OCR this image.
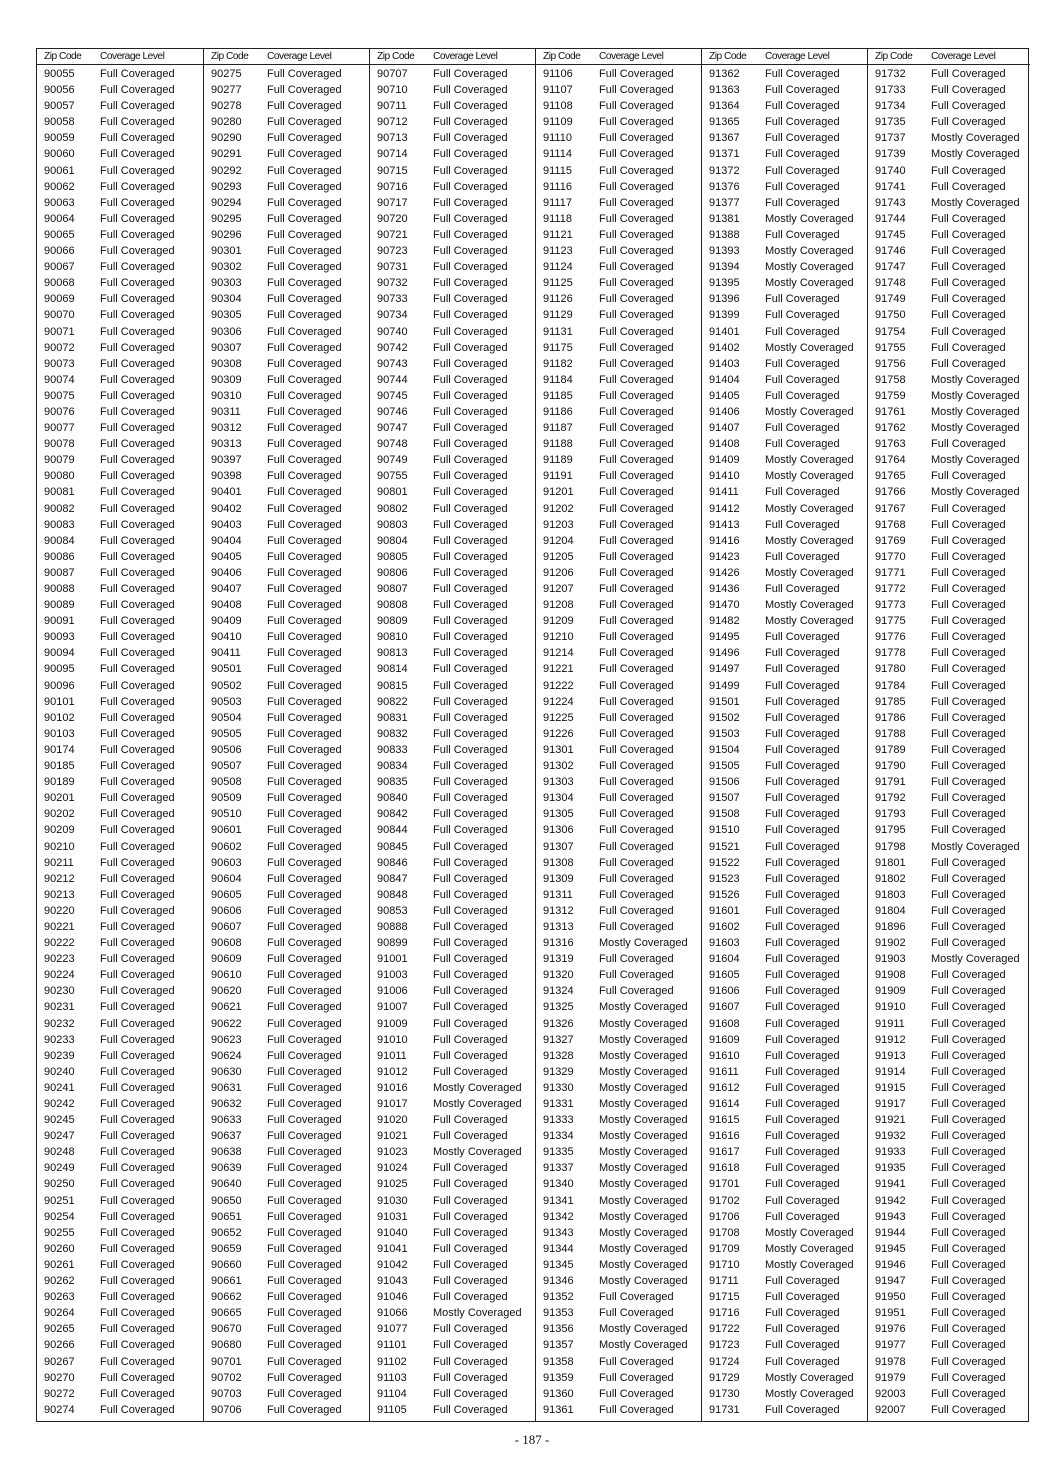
Zip Code Coverage Level
90055 Full Coveraged
90056 Full Coveraged
90057 Full Coveraged
90058 Full Coveraged
90059 Full Coveraged
90060 Full Coveraged
90061 Full Coveraged
90062 Full Coveraged
90063 Full Coveraged
90064 Full Coveraged
90065 Full Coveraged
90066 Full Coveraged
90067 Full Coveraged
90068 Full Coveraged
90069 Full Coveraged
90070 Full Coveraged
90071 Full Coveraged
90072 Full Coveraged
90073 Full Coveraged
90074 Full Coveraged
90075 Full Coveraged
90076 Full Coveraged
90077 Full Coveraged
90078 Full Coveraged
90079 Full Coveraged
90080 Full Coveraged
90081 Full Coveraged
90082 Full Coveraged
90083 Full Coveraged
90084 Full Coveraged
90086 Full Coveraged
90087 Full Coveraged
90088 Full Coveraged
90089 Full Coveraged
90091 Full Coveraged
90093 Full Coveraged
90094 Full Coveraged
90095 Full Coveraged
90096 Full Coveraged
90101 Full Coveraged
90102 Full Coveraged
90103 Full Coveraged
90174 Full Coveraged
90185 Full Coveraged
90189 Full Coveraged
90201 Full Coveraged
90202 Full Coveraged
90209 Full Coveraged
90210 Full Coveraged
90211 Full Coveraged
90212 Full Coveraged
90213 Full Coveraged
90220 Full Coveraged
90221 Full Coveraged
90222 Full Coveraged
90223 Full Coveraged
90224 Full Coveraged
90230 Full Coveraged
90231 Full Coveraged
90232 Full Coveraged
90233 Full Coveraged
90239 Full Coveraged
90240 Full Coveraged
90241 Full Coveraged
90242 Full Coveraged
90245 Full Coveraged
90247 Full Coveraged
90248 Full Coveraged
90249 Full Coveraged
90250 Full Coveraged
90251 Full Coveraged
90254 Full Coveraged
90255 Full Coveraged
90260 Full Coveraged
90261 Full Coveraged
90262 Full Coveraged
90263 Full Coveraged
90264 Full Coveraged
90265 Full Coveraged
90266 Full Coveraged
90267 Full Coveraged
90270 Full Coveraged
90272 Full Coveraged
90274 Full Coveraged
Zip Code Coverage Level
90275 Full Coveraged
90277 Full Coveraged
90278 Full Coveraged
90280 Full Coveraged
90290 Full Coveraged
90291 Full Coveraged
90292 Full Coveraged
90293 Full Coveraged
90294 Full Coveraged
90295 Full Coveraged
90296 Full Coveraged
90301 Full Coveraged
90302 Full Coveraged
90303 Full Coveraged
90304 Full Coveraged
90305 Full Coveraged
90306 Full Coveraged
90307 Full Coveraged
90308 Full Coveraged
90309 Full Coveraged
90310 Full Coveraged
90311 Full Coveraged
90312 Full Coveraged
90313 Full Coveraged
90397 Full Coveraged
90398 Full Coveraged
90401 Full Coveraged
90402 Full Coveraged
90403 Full Coveraged
90404 Full Coveraged
90405 Full Coveraged
90406 Full Coveraged
90407 Full Coveraged
90408 Full Coveraged
90409 Full Coveraged
90410 Full Coveraged
90411 Full Coveraged
90501 Full Coveraged
90502 Full Coveraged
90503 Full Coveraged
90504 Full Coveraged
90505 Full Coveraged
90506 Full Coveraged
90507 Full Coveraged
90508 Full Coveraged
90509 Full Coveraged
90510 Full Coveraged
90601 Full Coveraged
90602 Full Coveraged
90603 Full Coveraged
90604 Full Coveraged
90605 Full Coveraged
90606 Full Coveraged
90607 Full Coveraged
90608 Full Coveraged
90609 Full Coveraged
90610 Full Coveraged
90620 Full Coveraged
90621 Full Coveraged
90622 Full Coveraged
90623 Full Coveraged
90624 Full Coveraged
90630 Full Coveraged
90631 Full Coveraged
90632 Full Coveraged
90633 Full Coveraged
90637 Full Coveraged
90638 Full Coveraged
90639 Full Coveraged
90640 Full Coveraged
90650 Full Coveraged
90651 Full Coveraged
90652 Full Coveraged
90659 Full Coveraged
90660 Full Coveraged
90661 Full Coveraged
90662 Full Coveraged
90665 Full Coveraged
90670 Full Coveraged
90680 Full Coveraged
90701 Full Coveraged
90702 Full Coveraged
90703 Full Coveraged
90706 Full Coveraged
Zip Code Coverage Level
90707 Full Coveraged
90710 Full Coveraged
90711 Full Coveraged
90712 Full Coveraged
90713 Full Coveraged
90714 Full Coveraged
90715 Full Coveraged
90716 Full Coveraged
90717 Full Coveraged
90720 Full Coveraged
90721 Full Coveraged
90723 Full Coveraged
90731 Full Coveraged
90732 Full Coveraged
90733 Full Coveraged
90734 Full Coveraged
90740 Full Coveraged
90742 Full Coveraged
90743 Full Coveraged
90744 Full Coveraged
90745 Full Coveraged
90746 Full Coveraged
90747 Full Coveraged
90748 Full Coveraged
90749 Full Coveraged
90755 Full Coveraged
90801 Full Coveraged
90802 Full Coveraged
90803 Full Coveraged
90804 Full Coveraged
90805 Full Coveraged
90806 Full Coveraged
90807 Full Coveraged
90808 Full Coveraged
90809 Full Coveraged
90810 Full Coveraged
90813 Full Coveraged
90814 Full Coveraged
90815 Full Coveraged
90822 Full Coveraged
90831 Full Coveraged
90832 Full Coveraged
90833 Full Coveraged
90834 Full Coveraged
90835 Full Coveraged
90840 Full Coveraged
90842 Full Coveraged
90844 Full Coveraged
90845 Full Coveraged
90846 Full Coveraged
90847 Full Coveraged
90848 Full Coveraged
90853 Full Coveraged
90888 Full Coveraged
90899 Full Coveraged
91001 Full Coveraged
91003 Full Coveraged
91006 Full Coveraged
91007 Full Coveraged
91009 Full Coveraged
91010 Full Coveraged
91011 Full Coveraged
91012 Full Coveraged
91016 Mostly Coveraged
91017 Mostly Coveraged
91020 Full Coveraged
91021 Full Coveraged
91023 Mostly Coveraged
91024 Full Coveraged
91025 Full Coveraged
91030 Full Coveraged
91031 Full Coveraged
91040 Full Coveraged
91041 Full Coveraged
91042 Full Coveraged
91043 Full Coveraged
91046 Full Coveraged
91066 Mostly Coveraged
91077 Full Coveraged
91101 Full Coveraged
91102 Full Coveraged
91103 Full Coveraged
91104 Full Coveraged
91105 Full Coveraged
Zip Code Coverage Level
91106 Full Coveraged
91107 Full Coveraged
91108 Full Coveraged
91109 Full Coveraged
91110 Full Coveraged
91114 Full Coveraged
91115 Full Coveraged
91116 Full Coveraged
91117 Full Coveraged
91118 Full Coveraged
91121 Full Coveraged
91123 Full Coveraged
91124 Full Coveraged
91125 Full Coveraged
91126 Full Coveraged
91129 Full Coveraged
91131 Full Coveraged
91175 Full Coveraged
91182 Full Coveraged
91184 Full Coveraged
91185 Full Coveraged
91186 Full Coveraged
91187 Full Coveraged
91188 Full Coveraged
91189 Full Coveraged
91191 Full Coveraged
91201 Full Coveraged
91202 Full Coveraged
91203 Full Coveraged
91204 Full Coveraged
91205 Full Coveraged
91206 Full Coveraged
91207 Full Coveraged
91208 Full Coveraged
91209 Full Coveraged
91210 Full Coveraged
91214 Full Coveraged
91221 Full Coveraged
91222 Full Coveraged
91224 Full Coveraged
91225 Full Coveraged
91226 Full Coveraged
91301 Full Coveraged
91302 Full Coveraged
91303 Full Coveraged
91304 Full Coveraged
91305 Full Coveraged
91306 Full Coveraged
91307 Full Coveraged
91308 Full Coveraged
91309 Full Coveraged
91311 Full Coveraged
91312 Full Coveraged
91313 Full Coveraged
91316 Mostly Coveraged
91319 Full Coveraged
91320 Full Coveraged
91324 Full Coveraged
91325 Mostly Coveraged
91326 Mostly Coveraged
91327 Mostly Coveraged
91328 Mostly Coveraged
91329 Mostly Coveraged
91330 Mostly Coveraged
91331 Mostly Coveraged
91333 Mostly Coveraged
91334 Mostly Coveraged
91335 Mostly Coveraged
91337 Mostly Coveraged
91340 Mostly Coveraged
91341 Mostly Coveraged
91342 Mostly Coveraged
91343 Mostly Coveraged
91344 Mostly Coveraged
91345 Mostly Coveraged
91346 Mostly Coveraged
91352 Full Coveraged
91353 Full Coveraged
91356 Mostly Coveraged
91357 Mostly Coveraged
91358 Full Coveraged
91359 Full Coveraged
91360 Full Coveraged
91361 Full Coveraged
Zip Code Coverage Level
91362 Full Coveraged
91363 Full Coveraged
91364 Full Coveraged
91365 Full Coveraged
91367 Full Coveraged
91371 Full Coveraged
91372 Full Coveraged
91376 Full Coveraged
91377 Full Coveraged
91381 Mostly Coveraged
91388 Full Coveraged
91393 Mostly Coveraged
91394 Mostly Coveraged
91395 Mostly Coveraged
91396 Full Coveraged
91399 Full Coveraged
91401 Full Coveraged
91402 Mostly Coveraged
91403 Full Coveraged
91404 Full Coveraged
91405 Full Coveraged
91406 Mostly Coveraged
91407 Full Coveraged
91408 Full Coveraged
91409 Mostly Coveraged
91410 Mostly Coveraged
91411 Full Coveraged
91412 Mostly Coveraged
91413 Full Coveraged
91416 Mostly Coveraged
91423 Full Coveraged
91426 Mostly Coveraged
91436 Full Coveraged
91470 Mostly Coveraged
91482 Mostly Coveraged
91495 Full Coveraged
91496 Full Coveraged
91497 Full Coveraged
91499 Full Coveraged
91501 Full Coveraged
91502 Full Coveraged
91503 Full Coveraged
91504 Full Coveraged
91505 Full Coveraged
91506 Full Coveraged
91507 Full Coveraged
91508 Full Coveraged
91510 Full Coveraged
91521 Full Coveraged
91522 Full Coveraged
91523 Full Coveraged
91526 Full Coveraged
91601 Full Coveraged
91602 Full Coveraged
91603 Full Coveraged
91604 Full Coveraged
91605 Full Coveraged
91606 Full Coveraged
91607 Full Coveraged
91608 Full Coveraged
91609 Full Coveraged
91610 Full Coveraged
91611 Full Coveraged
91612 Full Coveraged
91614 Full Coveraged
91615 Full Coveraged
91616 Full Coveraged
91617 Full Coveraged
91618 Full Coveraged
91701 Full Coveraged
91702 Full Coveraged
91706 Full Coveraged
91708 Mostly Coveraged
91709 Mostly Coveraged
91710 Mostly Coveraged
91711 Full Coveraged
91715 Full Coveraged
91716 Full Coveraged
91722 Full Coveraged
91723 Full Coveraged
91724 Full Coveraged
91729 Mostly Coveraged
91730 Mostly Coveraged
91731 Full Coveraged
Zip Code Coverage Level
91732 Full Coveraged
91733 Full Coveraged
91734 Full Coveraged
91735 Full Coveraged
91737 Mostly Coveraged
91739 Mostly Coveraged
91740 Full Coveraged
91741 Full Coveraged
91743 Mostly Coveraged
91744 Full Coveraged
91745 Full Coveraged
91746 Full Coveraged
91747 Full Coveraged
91748 Full Coveraged
91749 Full Coveraged
91750 Full Coveraged
91754 Full Coveraged
91755 Full Coveraged
91756 Full Coveraged
91758 Mostly Coveraged
91759 Mostly Coveraged
91761 Mostly Coveraged
91762 Mostly Coveraged
91763 Full Coveraged
91764 Mostly Coveraged
91765 Full Coveraged
91766 Mostly Coveraged
91767 Full Coveraged
91768 Full Coveraged
91769 Full Coveraged
91770 Full Coveraged
91771 Full Coveraged
91772 Full Coveraged
91773 Full Coveraged
91775 Full Coveraged
91776 Full Coveraged
91778 Full Coveraged
91780 Full Coveraged
91784 Full Coveraged
91785 Full Coveraged
91786 Full Coveraged
91788 Full Coveraged
91789 Full Coveraged
91790 Full Coveraged
91791 Full Coveraged
91792 Full Coveraged
91793 Full Coveraged
91795 Full Coveraged
91798 Mostly Coveraged
91801 Full Coveraged
91802 Full Coveraged
91803 Full Coveraged
91804 Full Coveraged
91896 Full Coveraged
91902 Full Coveraged
91903 Mostly Coveraged
91908 Full Coveraged
91909 Full Coveraged
91910 Full Coveraged
91911 Full Coveraged
91912 Full Coveraged
91913 Full Coveraged
91914 Full Coveraged
91915 Full Coveraged
91917 Full Coveraged
91921 Full Coveraged
91932 Full Coveraged
91933 Full Coveraged
91935 Full Coveraged
91941 Full Coveraged
91942 Full Coveraged
91943 Full Coveraged
91944 Full Coveraged
91945 Full Coveraged
91946 Full Coveraged
91947 Full Coveraged
91950 Full Coveraged
91951 Full Coveraged
91976 Full Coveraged
91977 Full Coveraged
91978 Full Coveraged
91979 Full Coveraged
92003 Full Coveraged
92007 Full Coveraged
- 187 -
